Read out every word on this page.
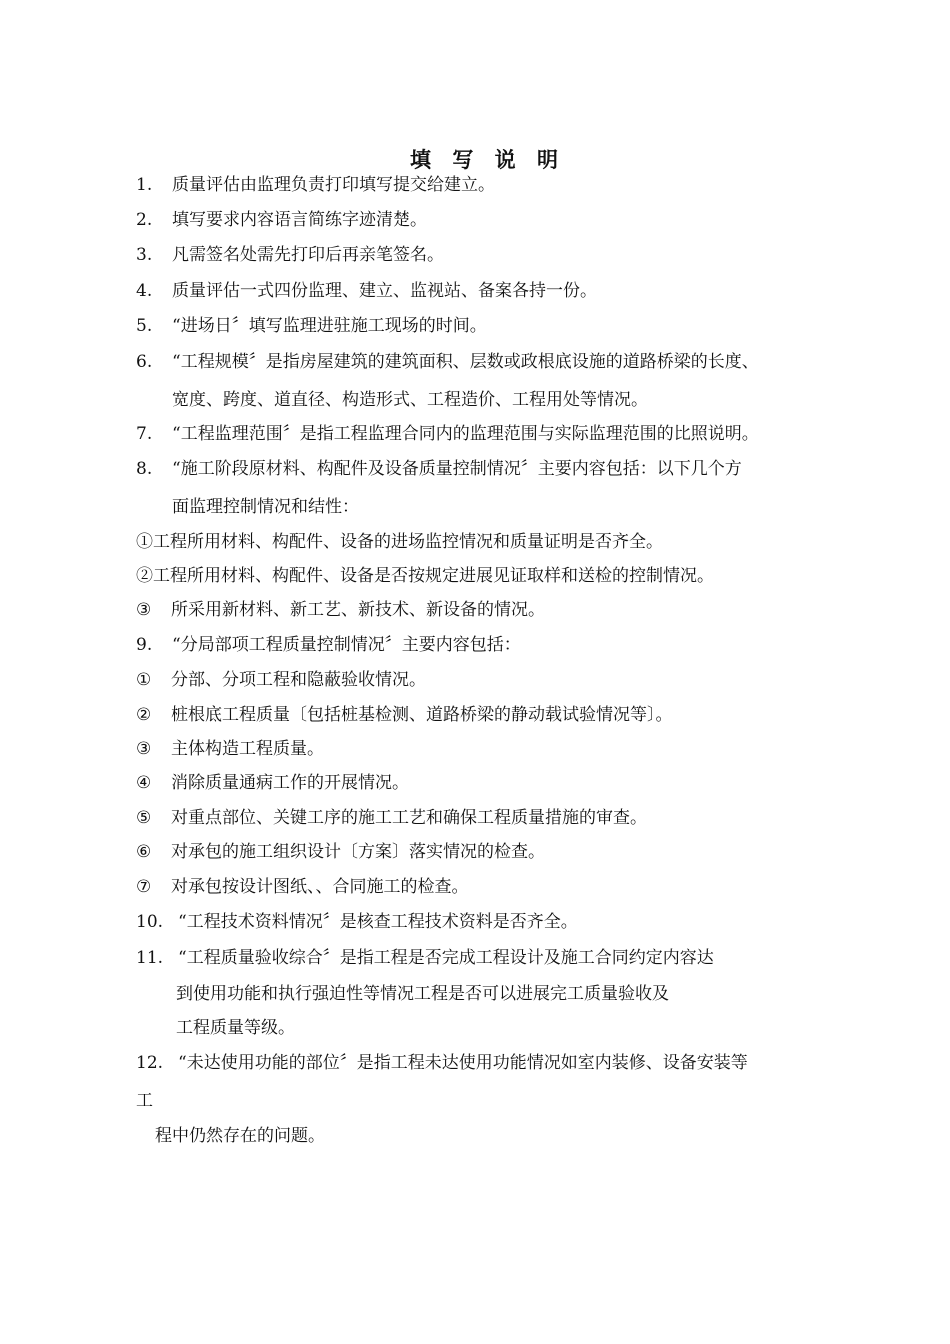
填 写 说 明
1. 质量评估由监理负责打印填写提交给建立。
2. 填写要求内容语言简练字迹清楚。
3. 凡需签名处需先打印后再亲笔签名。
4. 质量评估一式四份监理、建立、监视站、备案各持一份。
5. “进场日〞填写监理进驻施工现场的时间。
6. “工程规模〞是指房屋建筑的建筑面积、层数或政根底设施的道路桥梁的长度、
宽度、跨度、道直径、构造形式、工程造价、工程用处等情况。
7. “工程监理范围〞是指工程监理合同内的监理范围与实际监理范围的比照说明。
8. “施工阶段原材料、构配件及设备质量控制情况〞主要内容包括：以下几个方
面监理控制情况和结性：
①工程所用材料、构配件、设备的进场监控情况和质量证明是否齐全。
②工程所用材料、构配件、设备是否按规定进展见证取样和送检的控制情况。
③ 所采用新材料、新工艺、新技术、新设备的情况。
9. “分局部项工程质量控制情况〞主要内容包括：
① 分部、分项工程和隐蔽验收情况。
② 桩根底工程质量〔包括桩基检测、道路桥梁的静动载试验情况等〕。
③ 主体构造工程质量。
④ 消除质量通病工作的开展情况。
⑤ 对重点部位、关键工序的施工工艺和确保工程质量措施的审查。
⑥ 对承包的施工组织设计〔方案〕落实情况的检查。
⑦ 对承包按设计图纸、、合同施工的检查。
10. “工程技术资料情况〞是核查工程技术资料是否齐全。
11. “工程质量验收综合〞是指工程是否完成工程设计及施工合同约定内容达
到使用功能和执行强迫性等情况工程是否可以进展完工质量验收及
工程质量等级。
12. “未达使用功能的部位〞是指工程未达使用功能情况如室内装修、设备安装等
工
程中仍然存在的问题。
